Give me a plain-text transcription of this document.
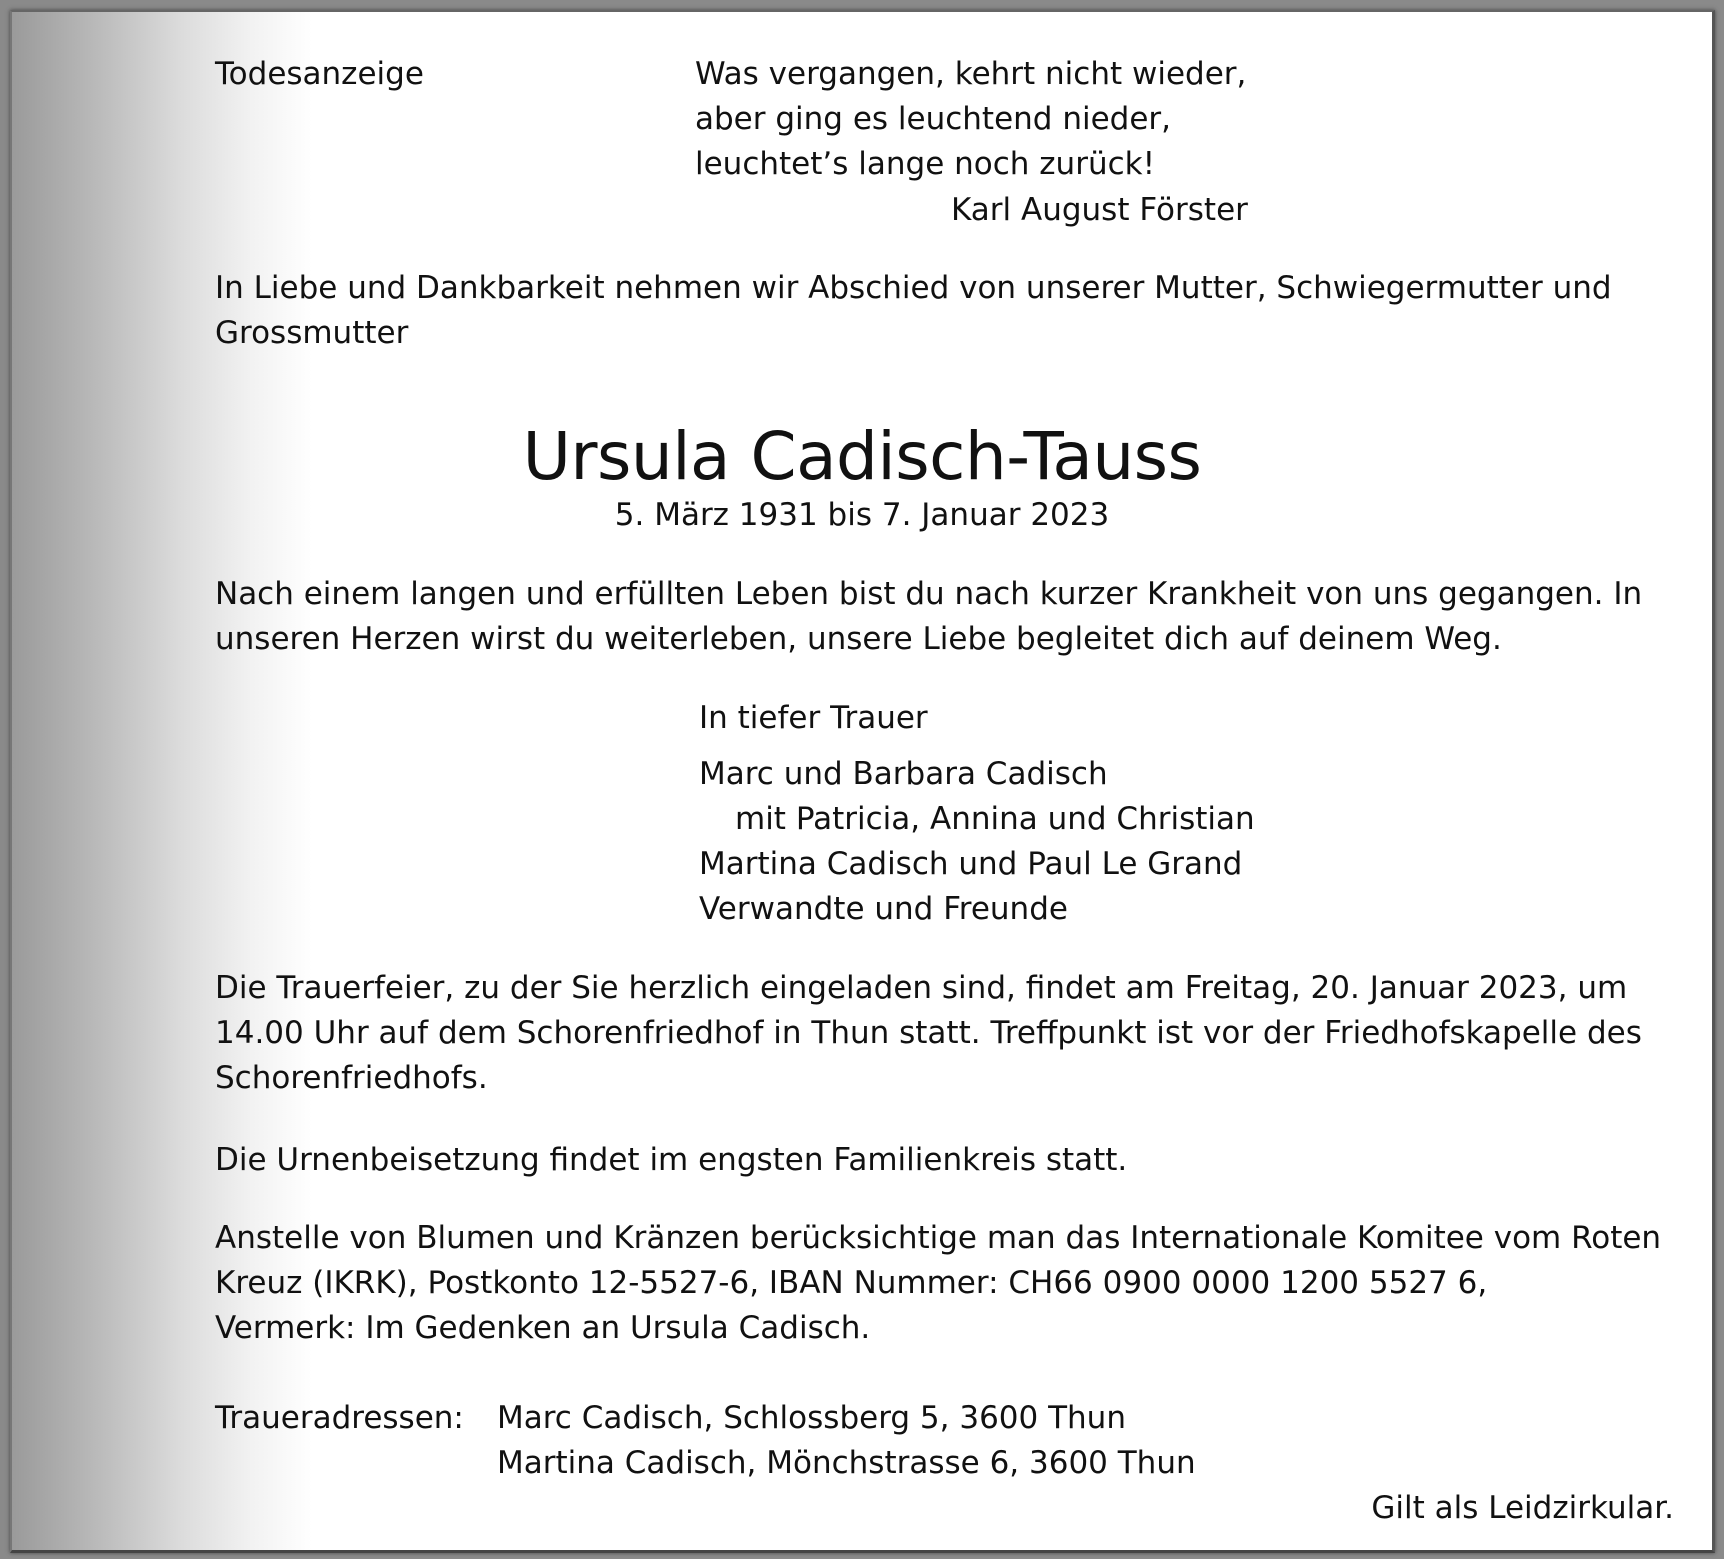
Todesanzeige	Was vergangen, kehrt nicht wieder,
aber ging es leuchtend nieder,
leuchtet’s lange noch zurück!
Karl August Förster
In Liebe und Dankbarkeit nehmen wir Abschied von unserer Mutter, Schwiegermutter und
Grossmutter
Ursula Cadisch-Tauss
5. März 1931 bis 7. Januar 2023
Nach einem langen und erfüllten Leben bist du nach kurzer Krankheit von uns gegangen. In
unseren Herzen wirst du weiterleben, unsere Liebe begleitet dich auf deinem Weg.
In tiefer Trauer
Marc und Barbara Cadisch
mit Patricia, Annina und Christian
Martina Cadisch und Paul Le Grand
Verwandte und Freunde
Die Trauerfeier, zu der Sie herzlich eingeladen sind, findet am Freitag, 20. Januar 2023, um
14.00 Uhr auf dem Schorenfriedhof in Thun statt. Treffpunkt ist vor der Friedhofskapelle des
Schorenfriedhofs.
Die Urnenbeisetzung findet im engsten Familienkreis statt.
Anstelle von Blumen und Kränzen berücksichtige man das Internationale Komitee vom Roten
Kreuz (IKRK), Postkonto 12-5527-6, IBAN Nummer: CH66 0900 0000 1200 5527 6,
Vermerk: Im Gedenken an Ursula Cadisch.
Traueradressen: Marc Cadisch, Schlossberg 5, 3600 Thun
Martina Cadisch, Mönchstrasse 6, 3600 Thun
Gilt als Leidzirkular.
